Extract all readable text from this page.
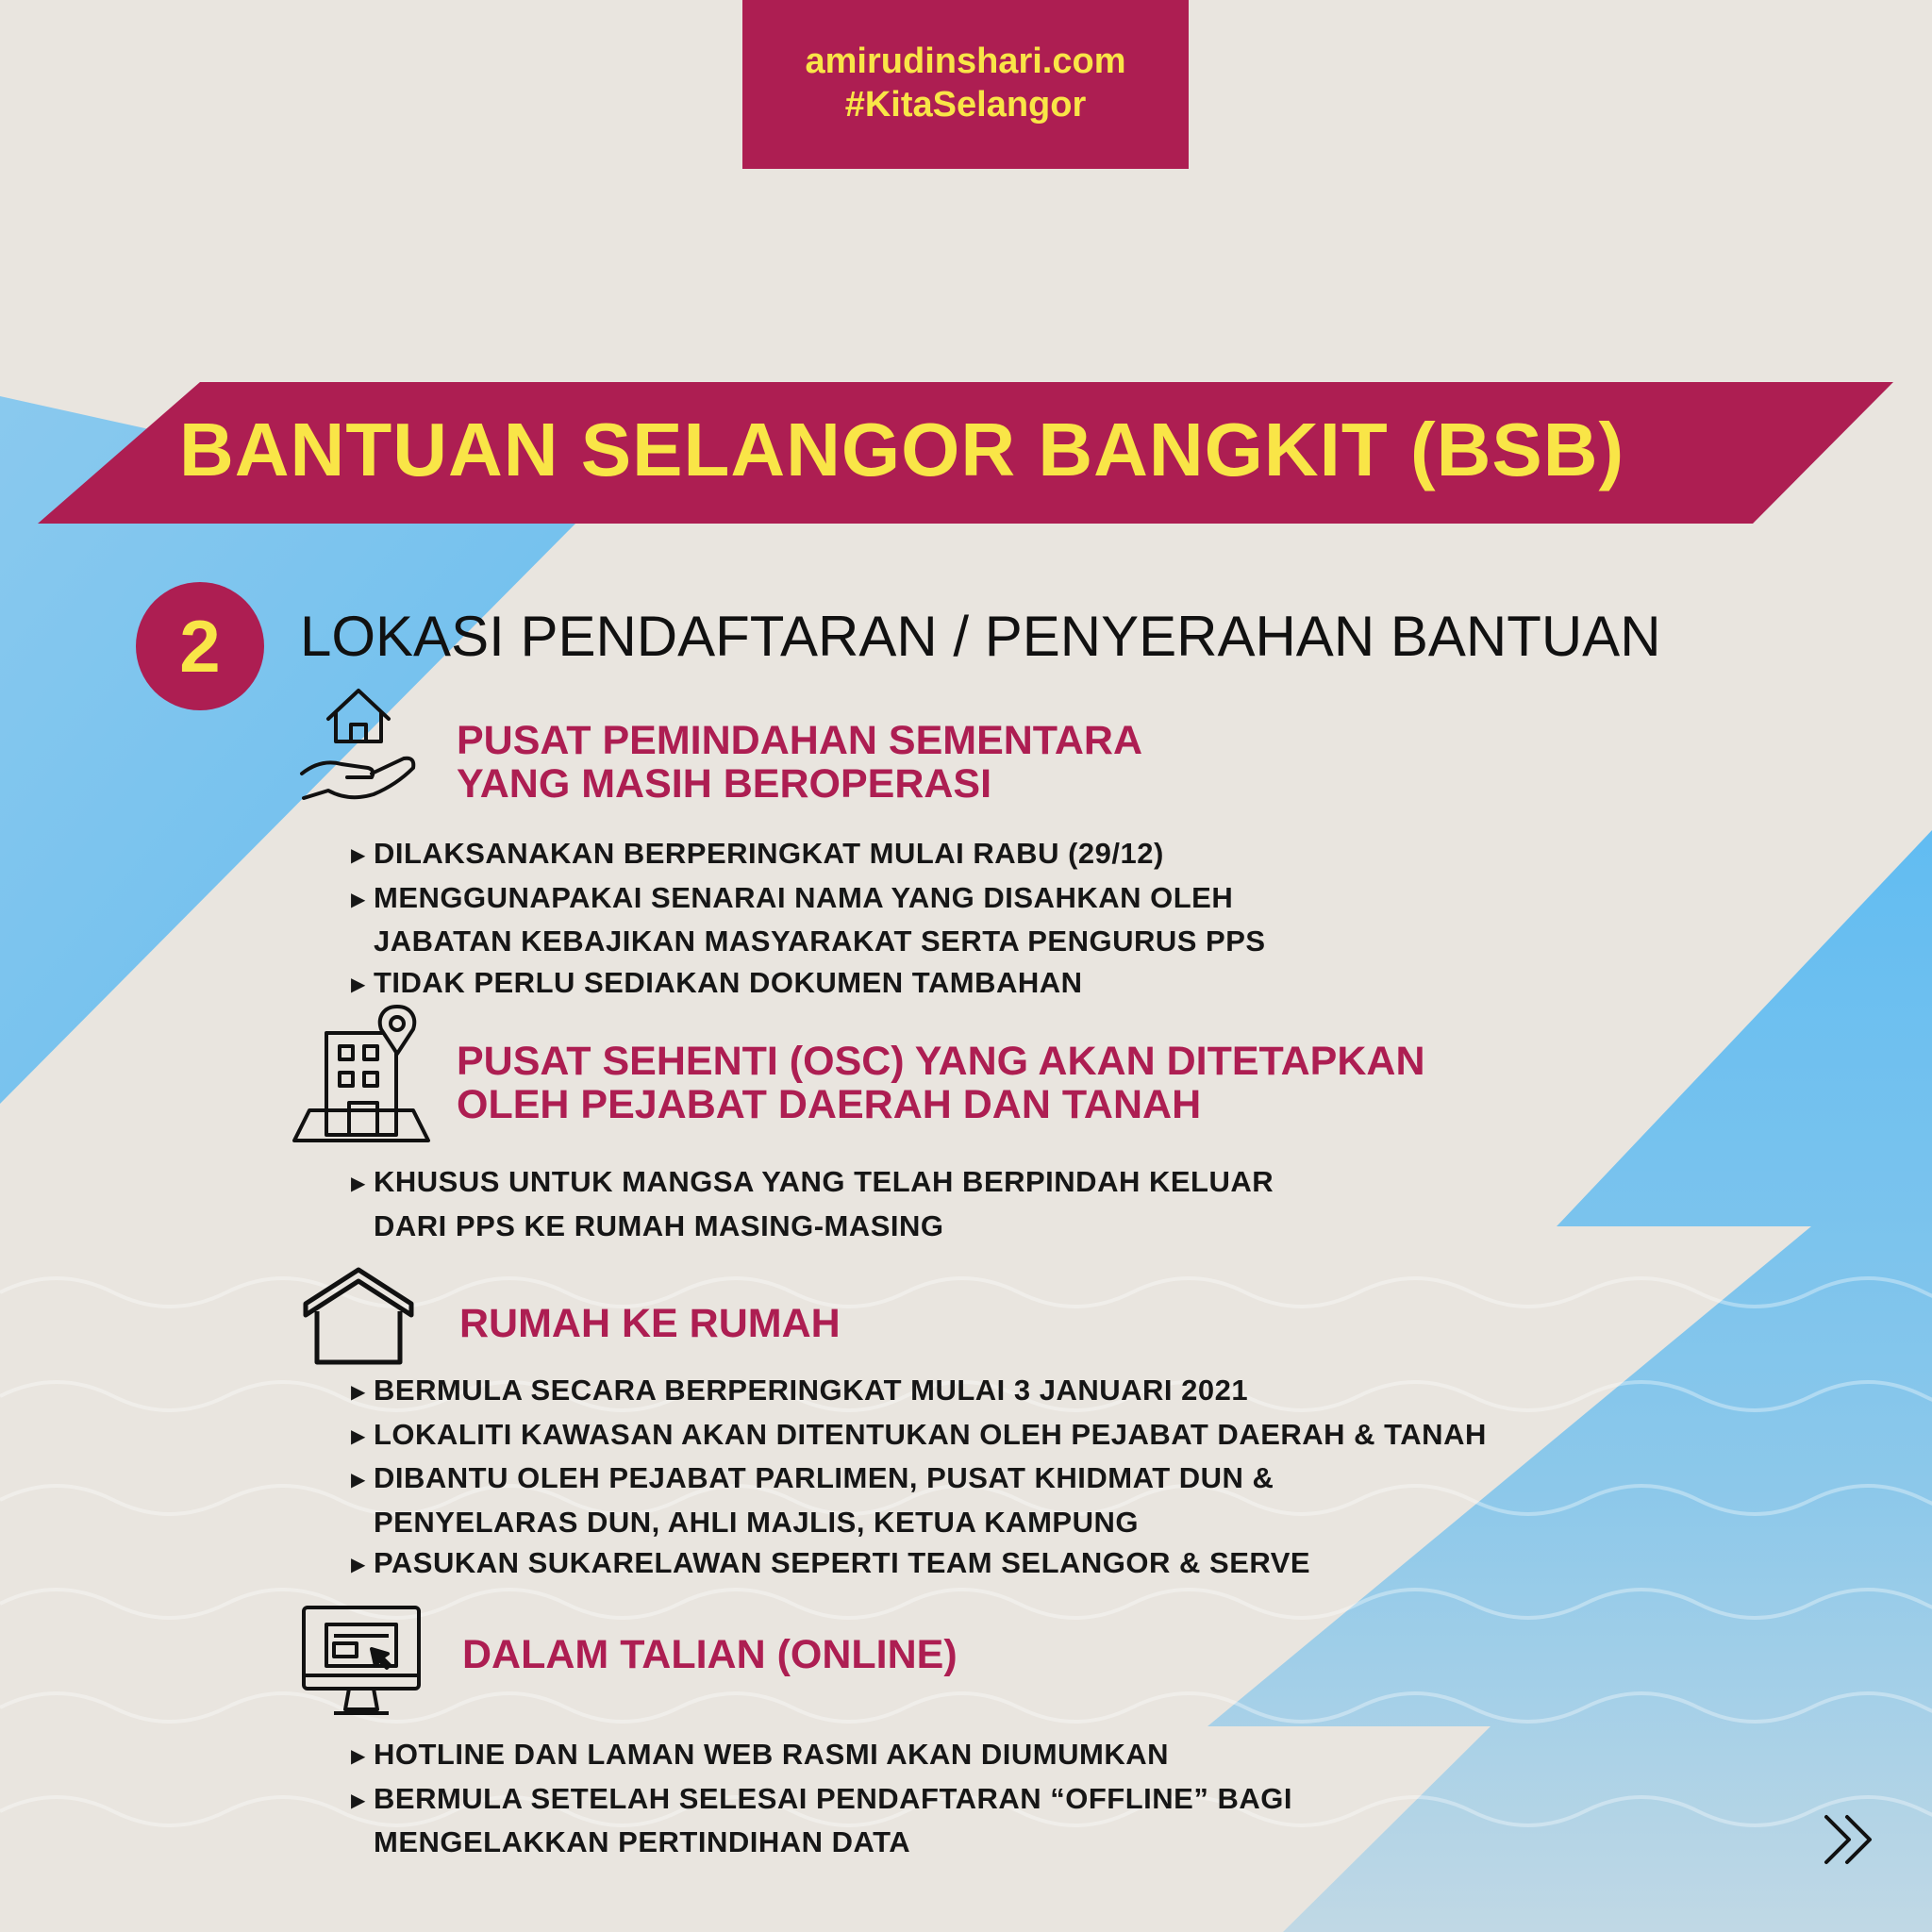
amirudinshari.com
#KitaSelangor
BANTUAN SELANGOR BANGKIT (BSB)
2	LOKASI PENDAFTARAN / PENYERAHAN BANTUAN
PUSAT PEMINDAHAN SEMENTARA
YANG MASIH BEROPERASI
▶ DILAKSANAKAN BERPERINGKAT MULAI RABU (29/12)
▶ MENGGUNAPAKAI SENARAI NAMA YANG DISAHKAN OLEH
JABATAN KEBAJIKAN MASYARAKAT SERTA PENGURUS PPS
▶ TIDAK PERLU SEDIAKAN DOKUMEN TAMBAHAN
PUSAT SEHENTI (OSC) YANG AKAN DITETAPKAN
OLEH PEJABAT DAERAH DAN TANAH
▶ KHUSUS UNTUK MANGSA YANG TELAH BERPINDAH KELUAR
DARI PPS KE RUMAH MASING-MASING
RUMAH KE RUMAH
▶ BERMULA SECARA BERPERINGKAT MULAI 3 JANUARI 2021
▶ LOKALITI KAWASAN AKAN DITENTUKAN OLEH PEJABAT DAERAH & TANAH
▶ DIBANTU OLEH PEJABAT PARLIMEN, PUSAT KHIDMAT DUN &
PENYELARAS DUN, AHLI MAJLIS, KETUA KAMPUNG
▶ PASUKAN SUKARELAWAN SEPERTI TEAM SELANGOR & SERVE
DALAM TALIAN (ONLINE)
▶ HOTLINE DAN LAMAN WEB RASMI AKAN DIUMUMKAN
▶ BERMULA SETELAH SELESAI PENDAFTARAN “OFFLINE” BAGI
MENGELAKKAN PERTINDIHAN DATA
